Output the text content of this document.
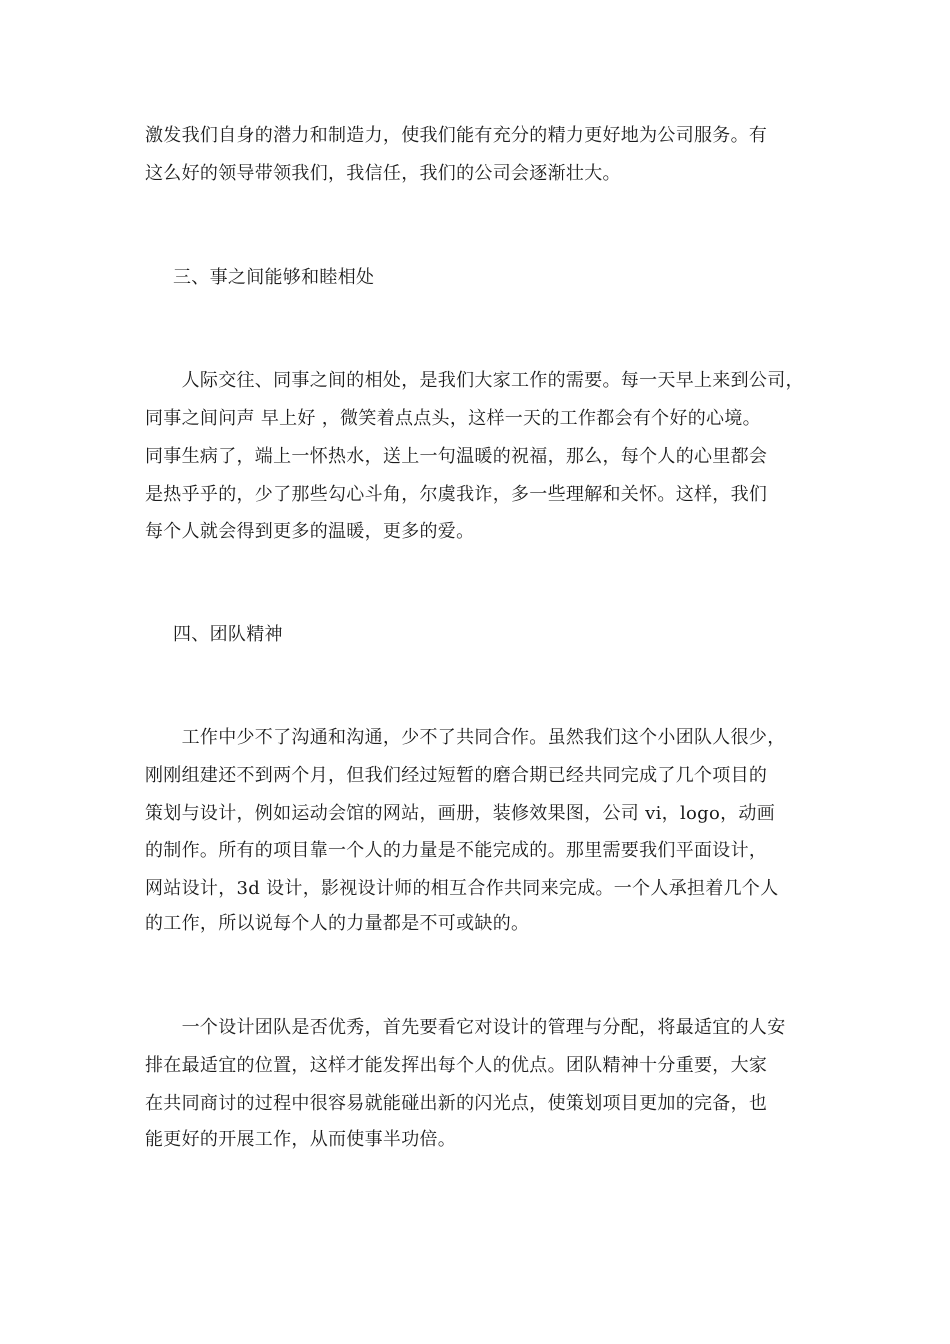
激发我们自身的潜力和制造力，使我们能有充分的精力更好地为公司服务。有
这么好的领导带领我们，我信任，我们的公司会逐渐壮大。
三、事之间能够和睦相处
　　人际交往、同事之间的相处，是我们大家工作的需要。每一天早上来到公司，
同事之间问声 早上好 ，微笑着点点头，这样一天的工作都会有个好的心境。
同事生病了，端上一怀热水，送上一句温暖的祝福，那么，每个人的心里都会
是热乎乎的，少了那些勾心斗角，尔虞我诈，多一些理解和关怀。这样，我们
每个人就会得到更多的温暖，更多的爱。
四、团队精神
　　工作中少不了沟通和沟通，少不了共同合作。虽然我们这个小团队人很少，
刚刚组建还不到两个月，但我们经过短暂的磨合期已经共同完成了几个项目的
策划与设计，例如运动会馆的网站，画册，装修效果图，公司 vi，logo，动画
的制作。所有的项目靠一个人的力量是不能完成的。那里需要我们平面设计，
网站设计，3d 设计，影视设计师的相互合作共同来完成。一个人承担着几个人
的工作，所以说每个人的力量都是不可或缺的。
　　一个设计团队是否优秀，首先要看它对设计的管理与分配，将最适宜的人安
排在最适宜的位置，这样才能发挥出每个人的优点。团队精神十分重要，大家
在共同商讨的过程中很容易就能碰出新的闪光点，使策划项目更加的完备，也
能更好的开展工作，从而使事半功倍。
